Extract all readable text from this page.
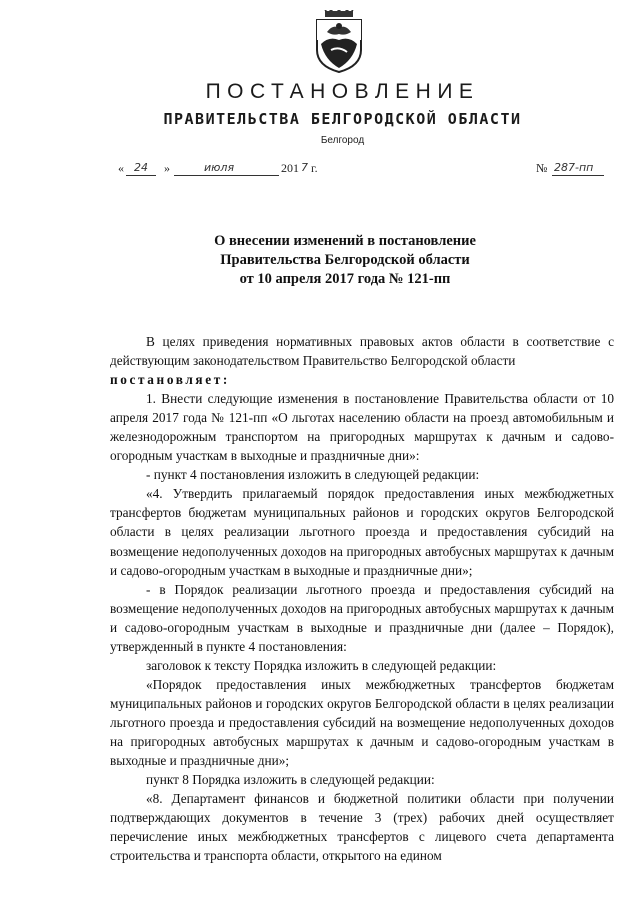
ПОСТАНОВЛЕНИЕ
ПРАВИТЕЛЬСТВА БЕЛГОРОДСКОЙ ОБЛАСТИ
Белгород
« 24 »	июля	201 7 г.	№ 287-пп
О внесении изменений в постановление
Правительства Белгородской области
от 10 апреля 2017 года № 121-пп

В целях приведения нормативных правовых актов области в соответствие с действующим законодательством Правительство Белгородской области

постановляет:

1. Внести следующие изменения в постановление Правительства области от 10 апреля 2017 года № 121-пп «О льготах населению области на проезд автомобильным и железнодорожным транспортом на пригородных маршрутах к дачным и садово-огородным участкам в выходные и праздничные дни»:

- пункт 4 постановления изложить в следующей редакции:

«4. Утвердить прилагаемый порядок предоставления иных межбюджетных трансфертов бюджетам муниципальных районов и городских округов Белгородской области в целях реализации льготного проезда и предоставления субсидий на возмещение недополученных доходов на пригородных автобусных маршрутах к дачным и садово-огородным участкам в выходные и праздничные дни»;

- в Порядок реализации льготного проезда и предоставления субсидий на возмещение недополученных доходов на пригородных автобусных маршрутах к дачным и садово-огородным участкам в выходные и праздничные дни (далее – Порядок), утвержденный в пункте 4 постановления:

заголовок к тексту Порядка изложить в следующей редакции:

«Порядок предоставления иных межбюджетных трансфертов бюджетам муниципальных районов и городских округов Белгородской области в целях реализации льготного проезда и предоставления субсидий на возмещение недополученных доходов на пригородных автобусных маршрутах к дачным и садово-огородным участкам в выходные и праздничные дни»;

пункт 8 Порядка изложить в следующей редакции:

«8. Департамент финансов и бюджетной политики области при получении подтверждающих документов в течение 3 (трех) рабочих дней осуществляет перечисление иных межбюджетных трансфертов с лицевого счета департамента строительства и транспорта области, открытого на едином
